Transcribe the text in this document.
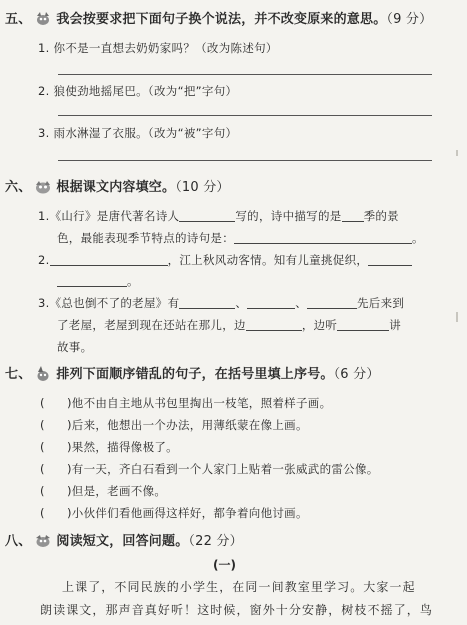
五、 我会按要求把下面句子换个说法，并不改变原来的意思。（9 分）
1. 你不是一直想去奶奶家吗？（改为陈述句）
2. 狼使劲地摇尾巴。（改为“把”字句）
3. 雨水淋湿了衣服。（改为“被”字句）
六、 根据课文内容填空。（10 分）
1.《山行》是唐代著名诗人	写的，诗中描写的是 季的景
色，最能表现季节特点的诗句是：	。
2.	，江上秋风动客情。知有儿童挑促织，
。
3.《总也倒不了的老屋》有	、	、	先后来到
了老屋，老屋到现在还站在那儿，边	，边听	讲
故事。
七、 排列下面顺序错乱的句子，在括号里填上序号。（6 分）
( )他不由自主地从书包里掏出一枝笔，照着样子画。
( )后来，他想出一个办法，用薄纸蒙在像上画。
( )果然，描得像极了。
( )有一天，齐白石看到一个人家门上贴着一张威武的雷公像。
( )但是，老画不像。
( )小伙伴们看他画得这样好，都争着向他讨画。
八、 阅读短文，回答问题。（22 分）
(一)
上课了，不同民族的小学生，在同一间教室里学习。大家一起
朗读课文，那声音真好听！这时候，窗外十分安静，树枝不摇了，鸟
